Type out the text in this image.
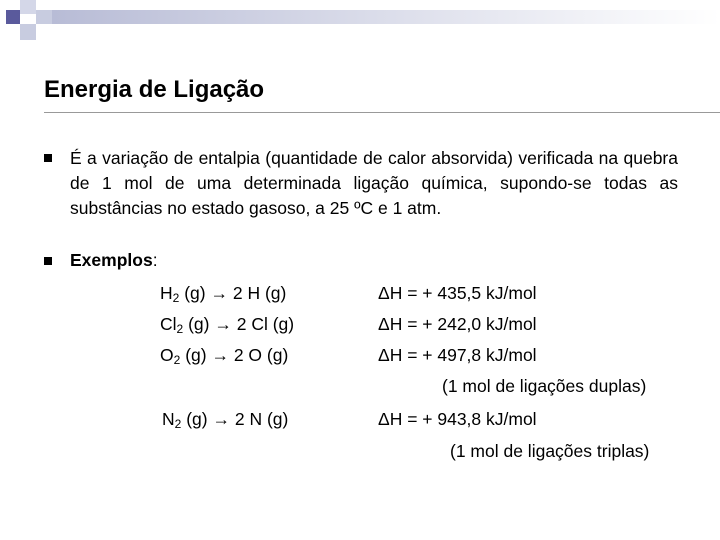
Energia de Ligação
É a variação de entalpia (quantidade de calor absorvida) verificada na quebra de 1 mol de uma determinada ligação química, supondo-se todas as substâncias no estado gasoso, a 25 ºC e 1 atm.
Exemplos:
$H_2$ (g) → 2 H (g)	ΔH = + 435,5 kJ/mol
$Cl_2$ (g) → 2 Cl (g)	ΔH = + 242,0 kJ/mol
$O_2$ (g) → 2 O (g)	ΔH = + 497,8 kJ/mol
(1 mol de ligações duplas)
$N_2$ (g) → 2 N (g)	ΔH = + 943,8 kJ/mol
(1 mol de ligações triplas)
